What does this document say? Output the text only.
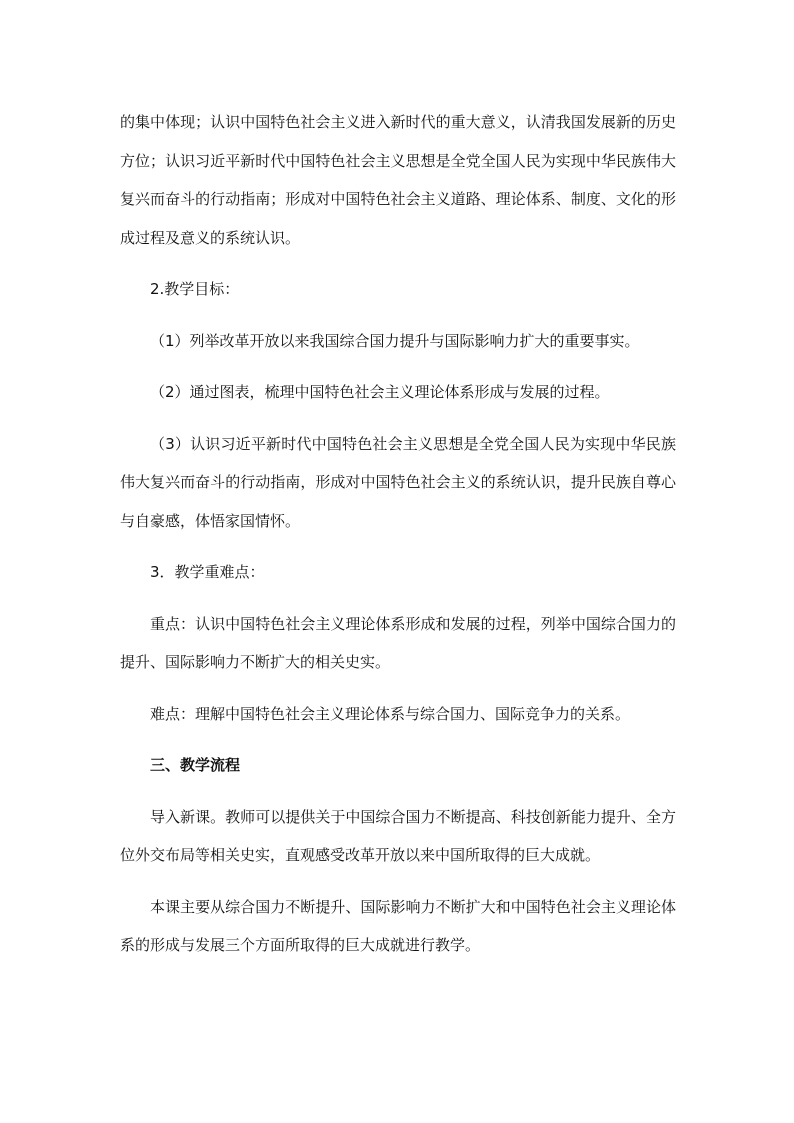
的集中体现；认识中国特色社会主义进入新时代的重大意义，认清我国发展新的历史方位；认识习近平新时代中国特色社会主义思想是全党全国人民为实现中华民族伟大复兴而奋斗的行动指南；形成对中国特色社会主义道路、理论体系、制度、文化的形成过程及意义的系统认识。

2.教学目标：

（1）列举改革开放以来我国综合国力提升与国际影响力扩大的重要事实。

（2）通过图表，梳理中国特色社会主义理论体系形成与发展的过程。

（3）认识习近平新时代中国特色社会主义思想是全党全国人民为实现中华民族伟大复兴而奋斗的行动指南，形成对中国特色社会主义的系统认识，提升民族自尊心与自豪感，体悟家国情怀。

3．教学重难点：

重点：认识中国特色社会主义理论体系形成和发展的过程，列举中国综合国力的提升、国际影响力不断扩大的相关史实。

难点：理解中国特色社会主义理论体系与综合国力、国际竞争力的关系。

三、教学流程

导入新课。教师可以提供关于中国综合国力不断提高、科技创新能力提升、全方位外交布局等相关史实，直观感受改革开放以来中国所取得的巨大成就。

本课主要从综合国力不断提升、国际影响力不断扩大和中国特色社会主义理论体系的形成与发展三个方面所取得的巨大成就进行教学。
